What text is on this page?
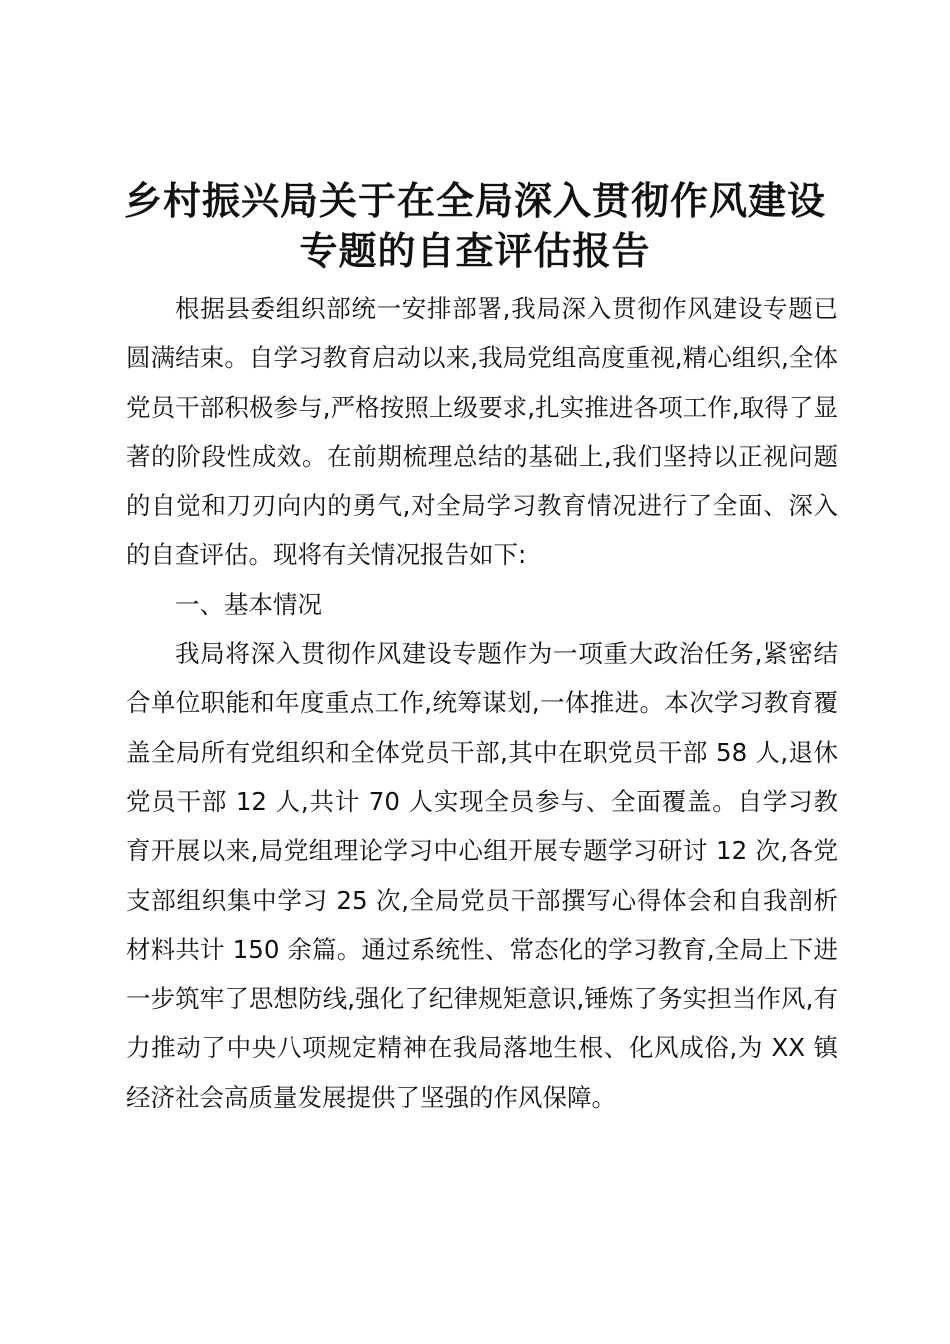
乡村振兴局关于在全局深入贯彻作风建设专题的自查评估报告

根据县委组织部统一安排部署,我局深入贯彻作风建设专题已圆满结束。自学习教育启动以来,我局党组高度重视,精心组织,全体党员干部积极参与,严格按照上级要求,扎实推进各项工作,取得了显著的阶段性成效。在前期梳理总结的基础上,我们坚持以正视问题的自觉和刀刃向内的勇气,对全局学习教育情况进行了全面、深入的自查评估。现将有关情况报告如下:

一、基本情况

我局将深入贯彻作风建设专题作为一项重大政治任务,紧密结合单位职能和年度重点工作,统筹谋划,一体推进。本次学习教育覆盖全局所有党组织和全体党员干部,其中在职党员干部 58 人,退休党员干部 12 人,共计 70 人实现全员参与、全面覆盖。自学习教育开展以来,局党组理论学习中心组开展专题学习研讨 12 次,各党支部组织集中学习 25 次,全局党员干部撰写心得体会和自我剖析材料共计 150 余篇。通过系统性、常态化的学习教育,全局上下进一步筑牢了思想防线,强化了纪律规矩意识,锤炼了务实担当作风,有力推动了中央八项规定精神在我局落地生根、化风成俗,为 XX 镇经济社会高质量发展提供了坚强的作风保障。
